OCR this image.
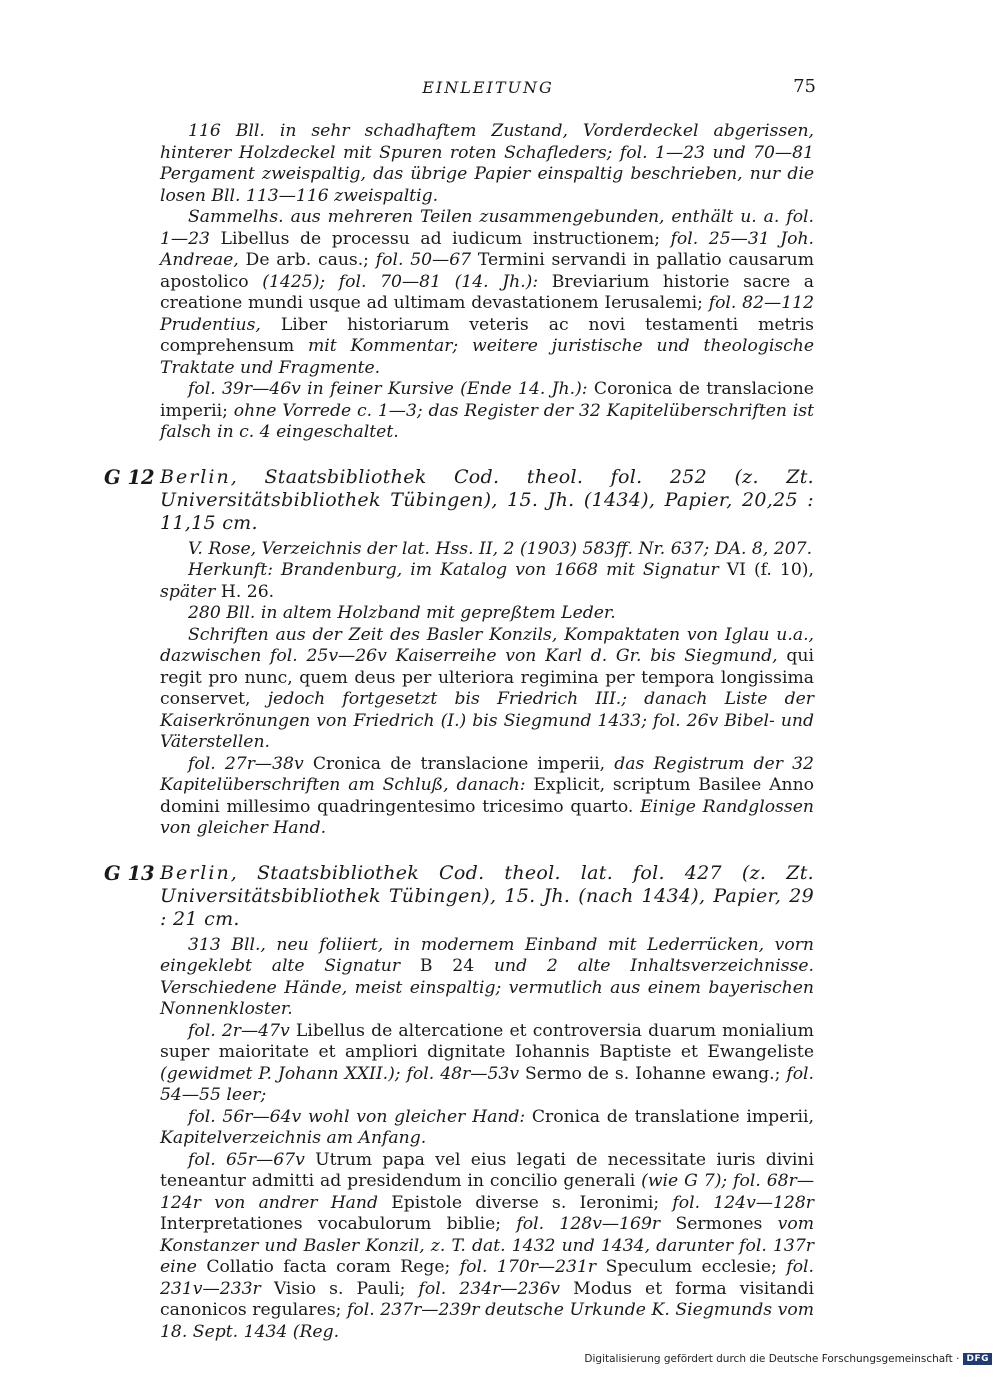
EINLEITUNG	75

116 Bll. in sehr schadhaftem Zustand, Vorderdeckel abgerissen, hinterer Holzdeckel mit Spuren roten Schafleders; fol. 1—23 und 70—81 Pergament zweispaltig, das übrige Papier einspaltig beschrieben, nur die losen Bll. 113—116 zweispaltig.

Sammelhs. aus mehreren Teilen zusammengebunden, enthält u. a. fol. 1—23 Libellus de processu ad iudicum instructionem; fol. 25—31 Joh. Andreae, De arb. caus.; fol. 50—67 Termini servandi in pallatio causarum apostolico (1425); fol. 70—81 (14. Jh.): Breviarium historie sacre a creatione mundi usque ad ultimam devastationem Ierusalemi; fol. 82—112 Prudentius, Liber historiarum veteris ac novi testamenti metris comprehensum mit Kommentar; weitere juristische und theologische Traktate und Fragmente.

fol. 39r—46v in feiner Kursive (Ende 14. Jh.): Coronica de translacione imperii; ohne Vorrede c. 1—3; das Register der 32 Kapitelüberschriften ist falsch in c. 4 eingeschaltet.

G 12 Berlin, Staatsbibliothek Cod. theol. fol. 252 (z. Zt. Universitätsbibliothek Tübingen), 15. Jh. (1434), Papier, 20,25 : 11,15 cm.

V. Rose, Verzeichnis der lat. Hss. II, 2 (1903) 583ff. Nr. 637; DA. 8, 207.

Herkunft: Brandenburg, im Katalog von 1668 mit Signatur VI (f. 10), später H. 26.

280 Bll. in altem Holzband mit gepreßtem Leder.

Schriften aus der Zeit des Basler Konzils, Kompaktaten von Iglau u.a., dazwischen fol. 25v—26v Kaiserreihe von Karl d. Gr. bis Siegmund, qui regit pro nunc, quem deus per ulteriora regimina per tempora longissima conservet, jedoch fortgesetzt bis Friedrich III.; danach Liste der Kaiserkrönungen von Friedrich (I.) bis Siegmund 1433; fol. 26v Bibel- und Väterstellen.

fol. 27r—38v Cronica de translacione imperii, das Registrum der 32 Kapitelüberschriften am Schluß, danach: Explicit, scriptum Basilee Anno domini millesimo quadringentesimo tricesimo quarto. Einige Randglossen von gleicher Hand.

G 13 Berlin, Staatsbibliothek Cod. theol. lat. fol. 427 (z. Zt. Universitätsbibliothek Tübingen), 15. Jh. (nach 1434), Papier, 29 : 21 cm.

313 Bll., neu foliiert, in modernem Einband mit Lederrücken, vorn eingeklebt alte Signatur B 24 und 2 alte Inhaltsverzeichnisse. Verschiedene Hände, meist einspaltig; vermutlich aus einem bayerischen Nonnenkloster.

fol. 2r—47v Libellus de altercatione et controversia duarum monialium super maioritate et ampliori dignitate Iohannis Baptiste et Ewangeliste (gewidmet P. Johann XXII.); fol. 48r—53v Sermo de s. Iohanne ewang.; fol. 54—55 leer;

fol. 56r—64v wohl von gleicher Hand: Cronica de translatione imperii, Kapitelverzeichnis am Anfang.

fol. 65r—67v Utrum papa vel eius legati de necessitate iuris divini teneantur admitti ad presidendum in concilio generali (wie G 7); fol. 68r—124r von andrer Hand Epistole diverse s. Ieronimi; fol. 124v—128r Interpretationes vocabulorum biblie; fol. 128v—169r Sermones vom Konstanzer und Basler Konzil, z. T. dat. 1432 und 1434, darunter fol. 137r eine Collatio facta coram Rege; fol. 170r—231r Speculum ecclesie; fol. 231v—233r Visio s. Pauli; fol. 234r—236v Modus et forma visitandi canonicos regulares; fol. 237r—239r deutsche Urkunde K. Siegmunds vom 18. Sept. 1434 (Reg.

Digitalisierung gefördert durch die Deutsche Forschungsgemeinschaft · DFG
